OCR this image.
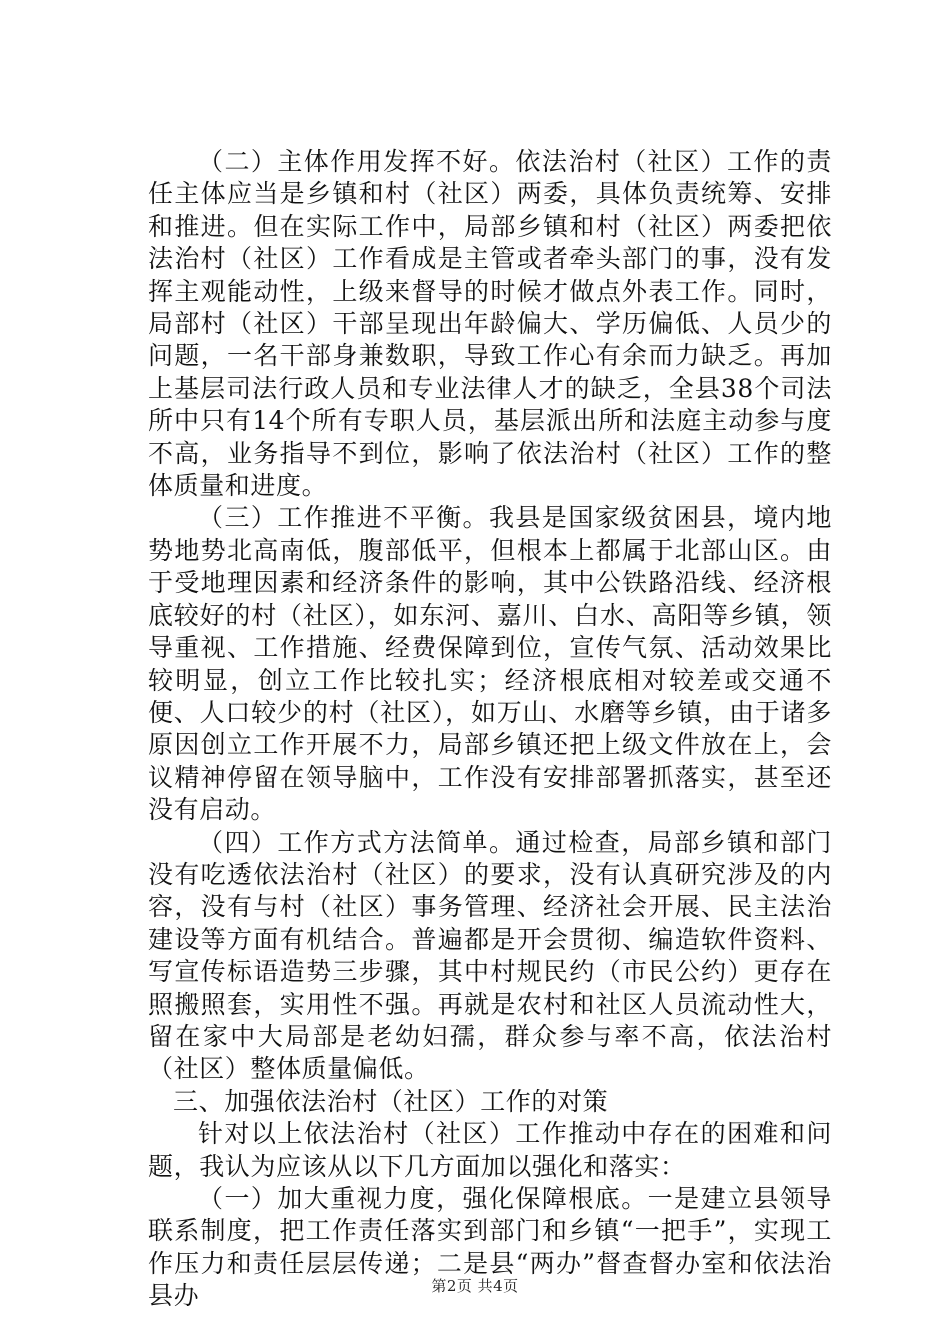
（二）主体作用发挥不好。依法治村（社区）工作的责任主体应当是乡镇和村（社区）两委，具体负责统筹、安排和推进。但在实际工作中，局部乡镇和村（社区）两委把依法治村（社区）工作看成是主管或者牵头部门的事，没有发挥主观能动性，上级来督导的时候才做点外表工作。同时，局部村（社区）干部呈现出年龄偏大、学历偏低、人员少的问题，一名干部身兼数职，导致工作心有余而力缺乏。再加上基层司法行政人员和专业法律人才的缺乏，全县38个司法所中只有14个所有专职人员，基层派出所和法庭主动参与度不高，业务指导不到位，影响了依法治村（社区）工作的整体质量和进度。

（三）工作推进不平衡。我县是国家级贫困县，境内地势地势北高南低，腹部低平，但根本上都属于北部山区。由于受地理因素和经济条件的影响，其中公铁路沿线、经济根底较好的村（社区），如东河、嘉川、白水、高阳等乡镇，领导重视、工作措施、经费保障到位，宣传气氛、活动效果比较明显，创立工作比较扎实；经济根底相对较差或交通不便、人口较少的村（社区），如万山、水磨等乡镇，由于诸多原因创立工作开展不力，局部乡镇还把上级文件放在上，会议精神停留在领导脑中，工作没有安排部署抓落实，甚至还没有启动。

（四）工作方式方法简单。通过检查，局部乡镇和部门没有吃透依法治村（社区）的要求，没有认真研究涉及的内容，没有与村（社区）事务管理、经济社会开展、民主法治建设等方面有机结合。普遍都是开会贯彻、编造软件资料、写宣传标语造势三步骤，其中村规民约（市民公约）更存在照搬照套，实用性不强。再就是农村和社区人员流动性大，留在家中大局部是老幼妇孺，群众参与率不高，依法治村（社区）整体质量偏低。

三、加强依法治村（社区）工作的对策

针对以上依法治村（社区）工作推动中存在的困难和问题，我认为应该从以下几方面加以强化和落实：

（一）加大重视力度，强化保障根底。一是建立县领导联系制度，把工作责任落实到部门和乡镇“一把手”，实现工作压力和责任层层传递；二是县“两办”督查督办室和依法治县办	第2页 共4页
